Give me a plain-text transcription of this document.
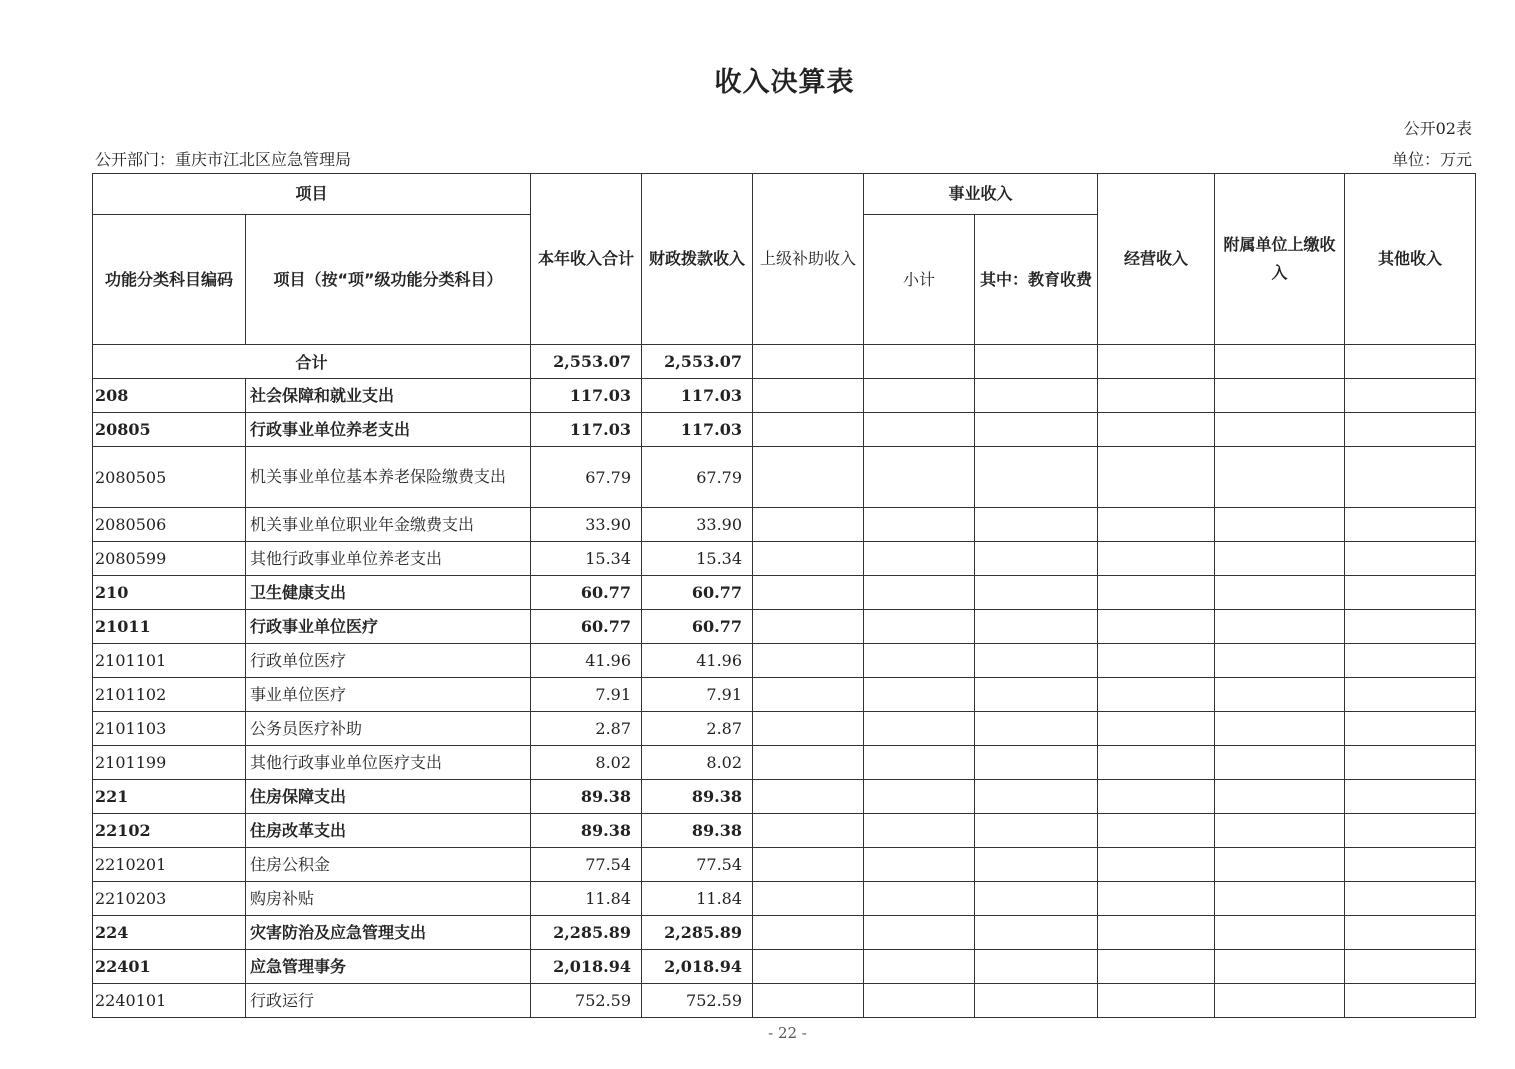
收入决算表
公开02表
公开部门：重庆市江北区应急管理局	单位：万元
项目		本年收入合计	财政拨款收入	上级补助收入	事业收入		经营收入	附属单位上缴收入	其他收入
功能分类科目编码	项目（按“项”级功能分类科目）				小计	其中：教育收费			
合计		2,553.07	2,553.07						
208	社会保障和就业支出	117.03	117.03						
20805	行政事业单位养老支出	117.03	117.03						
2080505	机关事业单位基本养老保险缴费支出	67.79	67.79						
2080506	机关事业单位职业年金缴费支出	33.90	33.90						
2080599	其他行政事业单位养老支出	15.34	15.34						
210	卫生健康支出	60.77	60.77						
21011	行政事业单位医疗	60.77	60.77						
2101101	行政单位医疗	41.96	41.96						
2101102	事业单位医疗	7.91	7.91						
2101103	公务员医疗补助	2.87	2.87						
2101199	其他行政事业单位医疗支出	8.02	8.02						
221	住房保障支出	89.38	89.38						
22102	住房改革支出	89.38	89.38						
2210201	住房公积金	77.54	77.54						
2210203	购房补贴	11.84	11.84						
224	灾害防治及应急管理支出	2,285.89	2,285.89						
22401	应急管理事务	2,018.94	2,018.94						
2240101	行政运行	752.59	752.59						
- 22 -
